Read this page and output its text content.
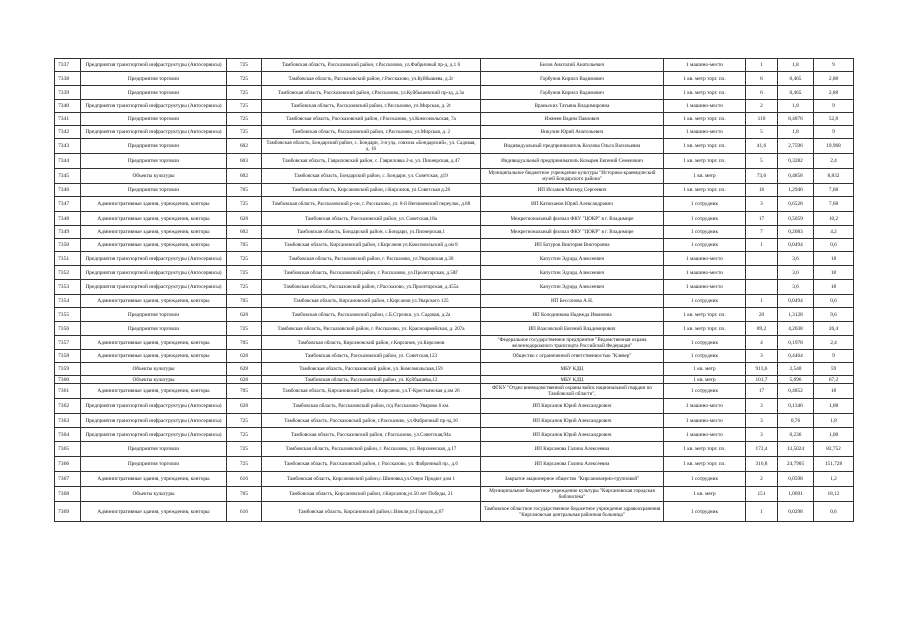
7337	Предприятия транспортной инфраструктуры (Автосервисы)	725	Тамбовская область, Рассказовский район, г.Рассказово, ул.Фабричный пр-д, д.1 б	Белов Анатолий Анатольевич	1 машино-место	1	1,8	9
7338	Предприятия торговли	725	Тамбовская область, Рассказовский район, г.Рассказово, ул.Куйбышева, д.3г	Горбунов Кирилл Вадимович	1 кв. метр торг. пл.	6	0,465	2,88
7339	Предприятия торговли	725	Тамбовская область, Рассказовский район, г.Рассказово, ул.Куйбышевский пр-зд, д.3а	Горбунов Кирилл Вадимович	1 кв. метр торг. пл.	6	0,465	2,88
7340	Предприятия транспортной инфраструктуры (Автосервисы)	725	Тамбовская область, Рассказовский район, г.Рассказово, ул.Мирская, д. 2г	Враньских Татьяна Владимировна	1 машино-место	2	1,8	9
7341	Предприятия торговли	725	Тамбовская область, Рассказовский район, г.Рассказово, ул.Комсомольская, 7а	Ижнеев Вадим Павлович	1 кв. метр торг. пл.	110	8,4876	52,8
7342	Предприятия транспортной инфраструктуры (Автосервисы)	725	Тамбовская область, Рассказовский район, г.Рассказово, ул.Мирская, д. 2	Викулин Юрий Анатольевич	1 машино-место	5	1,8	9
7343	Предприятия торговли	602	Тамбовская область, Бондарский район, с. Бондари, 3-я улд. совхоза «Бондарский», ул. Садовая, д. 16	Индивидуальный предприниматель Козлова Ольга Васильевна	1 кв. метр торг. пл.	41,6	2,7596	19,968
7344	Предприятия торговли	603	Тамбовская область, Гавриловский район, с. Гавриловка 2-я, ул. Пионерская, д.47	Индивидуальный предприниматель Козырев Евгений Семенович	1 кв. метр торг. пл.	5	0,3282	2,4
7345	Объекты культуры	602	Тамбовская область, Бондарский район, с. Бондари, ул. Советская, д19	Муниципальное бюджетное учреждение культуры "Историко-краеведческий музей Бондарского района"	1 кв. метр	73,6	0,4858	8,832
7346	Предприятия торговли	705	Тамбовская область, Кирсановский район, г.Кирсанов, ул.Советская д.28	ИП Исхаков Махмуд Сергеевич	1 кв. метр торг. пл.	16	1,2946	7,68
7347	Административные здания, учреждения, конторы	725	Тамбовская область, Рассказовский р-он, г. Рассказово, ул. 8-й Неплюевский переулок, д.88	ИП Катюханов Юрий Александрович	1 сотрудник	3	0,6528	7,68
7348	Административные здания, учреждения, конторы	628	Тамбовская область, Рассказовский район, ул. Советская,18а	Межрегиональный филиал ФКУ "ЦОКР" в г. Владимире	1 сотрудник	17	0,5059	10,2
7349	Административные здания, учреждения, конторы	602	Тамбовская область, Бондарский район, с.Бондари, ул.Пионерская,1	Межрегиональный филиал ФКУ "ЦОКР" в г. Владимире	1 сотрудник	7	0,2083	4,2
7350	Административные здания, учреждения, конторы	705	Тамбовская область, Кирсановский район, г.Кирсанов ул.Комсомольский д.ом 8	ИП Батуров Виктория Викторовна	1 сотрудник	1	0,0494	0,6
7351	Предприятия транспортной инфраструктуры (Автосервисы)	725	Тамбовская область, Рассказовский район, г. Рассказово, ул.Уваровская д.30	Капустин Эдуард Алексеевич	1 машино-место		3,6	18
7352	Предприятия транспортной инфраструктуры (Автосервисы)	725	Тамбовская область, Рассказовский район, г. Рассказово, ул.Пролетарская, д.58Г	Капустин Эдуард Алексеевич	1 машино-место		3,6	18
7353	Предприятия транспортной инфраструктуры (Автосервисы)	725	Тамбовская область, Рассказовский район, г.Рассказово, ул.Пролетарская, д.455а	Капустин Эдуард Алексеевич	1 машино-место		3,6	18
7354	Административные здания, учреждения, конторы	705	Тамбовская область, Кирсановский район, г.Кирсанов ул.Уварского 125	ИП Бессонова А.Н.	1 сотрудник	1	0,0494	0,6
7355	Предприятия торговли	628	Тамбовская область, Рассказовский район, с.Б.Стрелки, ул. Садовая, д.2а	ИП Колодникова Надежда Ивановна	1 кв. метр торг. пл.	20	1,3128	9,6
7356	Предприятия торговли	725	Тамбовская область, Рассказовский район, г. Рассказово, ул. Красноармейская, д. 207а	ИП Власовский Евгений Владимирович	1 кв. метр торг. пл.	89,2	4,2038	26,4
7357	Административные здания, учреждения, конторы	705	Тамбовская область, Кирсановский район, г.Кирсанов, ул.Кирсанов	"Федеральное государственное предприятие "Ведомственная охрана железнодорожного транспорта Российской Федерации"	1 сотрудник	4	0,1978	2,4
7358	Административные здания, учреждения, конторы	628	Тамбовская область, Рассказовский район, ул. Советская,123	Общество с ограниченной ответственностью "Клевер"	1 сотрудник	3	0,4464	9
7359	Объекты культуры	628	Тамбовская область, Рассказовский район, ул. Комсомольская,159	МБУ КДЦ	1 кв. метр	913,6	2,540	59
7360	Объекты культуры	628	Тамбовская область, Рассказовский район, ул. Куйбышева,12	МБУ КДЦ	1 кв. метр	101,7	5,696	67,2
7361	Административные здания, учреждения, конторы	705	Тамбовская область, Кирсановский район, г.Кирсанов, ул.Т-Крестьянская д.ом 26	ФГКУ "Отдел вневедомственной охраны войск национальной гвардии по Тамбовской области",	1 сотрудник	17	0,4852	18
7362	Предприятия транспортной инфраструктуры (Автосервисы)	628	Тамбовская область, Рассказовский район, п/д Рассказово-Уварово 6 км.	ИП Кирсанов Юрий Александрович	1 машино-место	3	0,1346	1,08
7363	Предприятия транспортной инфраструктуры (Автосервисы)	725	Тамбовская область, Рассказовский район, г.Рассказово, ул.Фабричный пр-зд,16	ИП Кирсанов Юрий Александрович	1 машино-место	3	0,76	1,8
7364	Предприятия транспортной инфраструктуры (Автосервисы)	725	Тамбовская область, Рассказовский район, г.Рассказово, ул.Советская,94а	ИП Кирсанов Юрий Александрович	1 машино-место	3	0,236	1,08
7365	Предприятия торговли	725	Тамбовская область, Рассказовский район, г. Рассказово, ул. Верхненская, д.17	ИП Кирсанова Галина Алексеевна	1 кв. метр торг. пл.	172,4	13,5024	82,752
7366	Предприятия торговли	725	Тамбовская область, Рассказовский район, г. Рассказово, ул. Фабричный пр., д.6	ИП Кирсанова Галина Алексеевна	1 кв. метр торг. пл.	316,8	24,7905	151,728
7367	Административные здания, учреждения, конторы	616	Тамбовская область, Кирсановский район,с.Шиновка,ул.Озеро Продюг дом 1	Закрытое акционерное общество "Кирсановзерно-групповой"	1 сотрудник	2	0,0598	1,2
7368	Объекты культуры	705	Тамбовская область, Кирсановский район, г.Кирсанов,ул.50 лет Победы, 21	Муниципальное бюджетное учреждение культуры "Кирсановская городская библиотека"	1 кв. метр	151	1,0691	18,12
7369	Административные здания, учреждения, конторы	616	Тамбовская область, Кирсановский район,с.Вяжли,ул.Городок,д.67	Тамбовское областное государственное бюджетное учреждение здравоохранения "Кирсановская центральная районная больница"	1 сотрудник	1	0,0298	0,6
